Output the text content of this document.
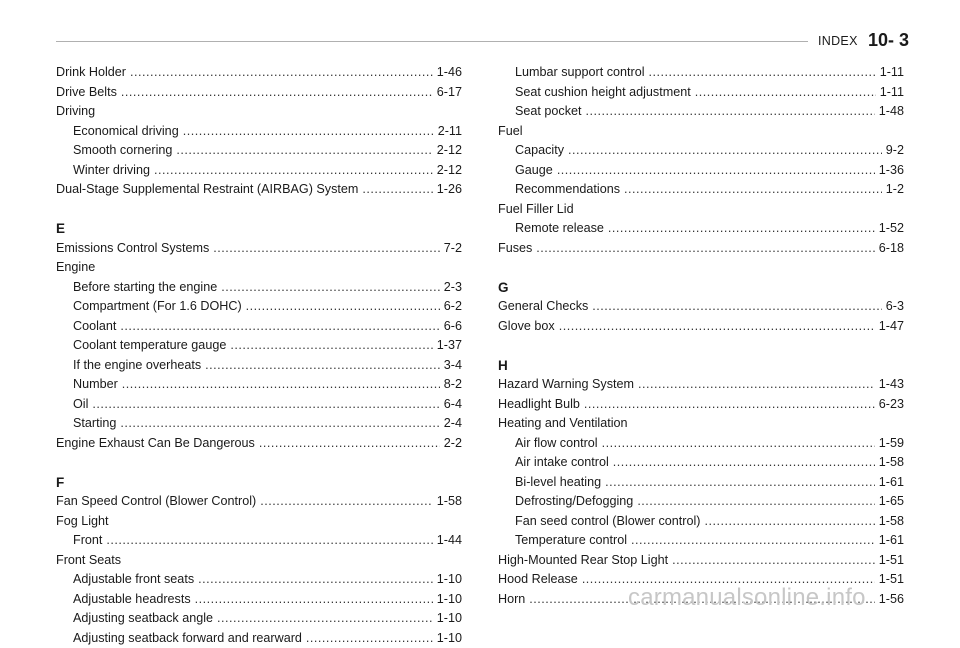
INDEX 10- 3
Drink Holder .....	1-46
Drive Belts .....	6-17
Driving
Economical driving .....	2-11
Smooth cornering .....	2-12
Winter driving .....	2-12
Dual-Stage Supplemental Restraint (AIRBAG) System .....	1-26
E
Emissions Control Systems .....	7-2
Engine
Before starting the engine .....	2-3
Compartment (For 1.6 DOHC) .....	6-2
Coolant .....	6-6
Coolant temperature gauge .....	1-37
If the engine overheats .....	3-4
Number .....	8-2
Oil .....	6-4
Starting .....	2-4
Engine Exhaust Can Be Dangerous .....	2-2
F
Fan Speed Control (Blower Control) .....	1-58
Fog Light
Front .....	1-44
Front Seats
Adjustable front seats .....	1-10
Adjustable headrests .....	1-10
Adjusting seatback angle .....	1-10
Adjusting seatback forward and rearward .....	1-10
Lumbar support control .....	1-11
Seat cushion height adjustment .....	1-11
Seat pocket .....	1-48
Fuel
Capacity .....	9-2
Gauge .....	1-36
Recommendations .....	1-2
Fuel Filler Lid
Remote release .....	1-52
Fuses .....	6-18
G
General Checks .....	6-3
Glove box .....	1-47
H
Hazard Warning System .....	1-43
Headlight Bulb .....	6-23
Heating and Ventilation
Air flow control .....	1-59
Air intake control .....	1-58
Bi-level heating .....	1-61
Defrosting/Defogging .....	1-65
Fan seed control (Blower control) .....	1-58
Temperature control .....	1-61
High-Mounted Rear Stop Light .....	1-51
Hood Release .....	1-51
Horn .....	1-56
carmanualsonline.info
